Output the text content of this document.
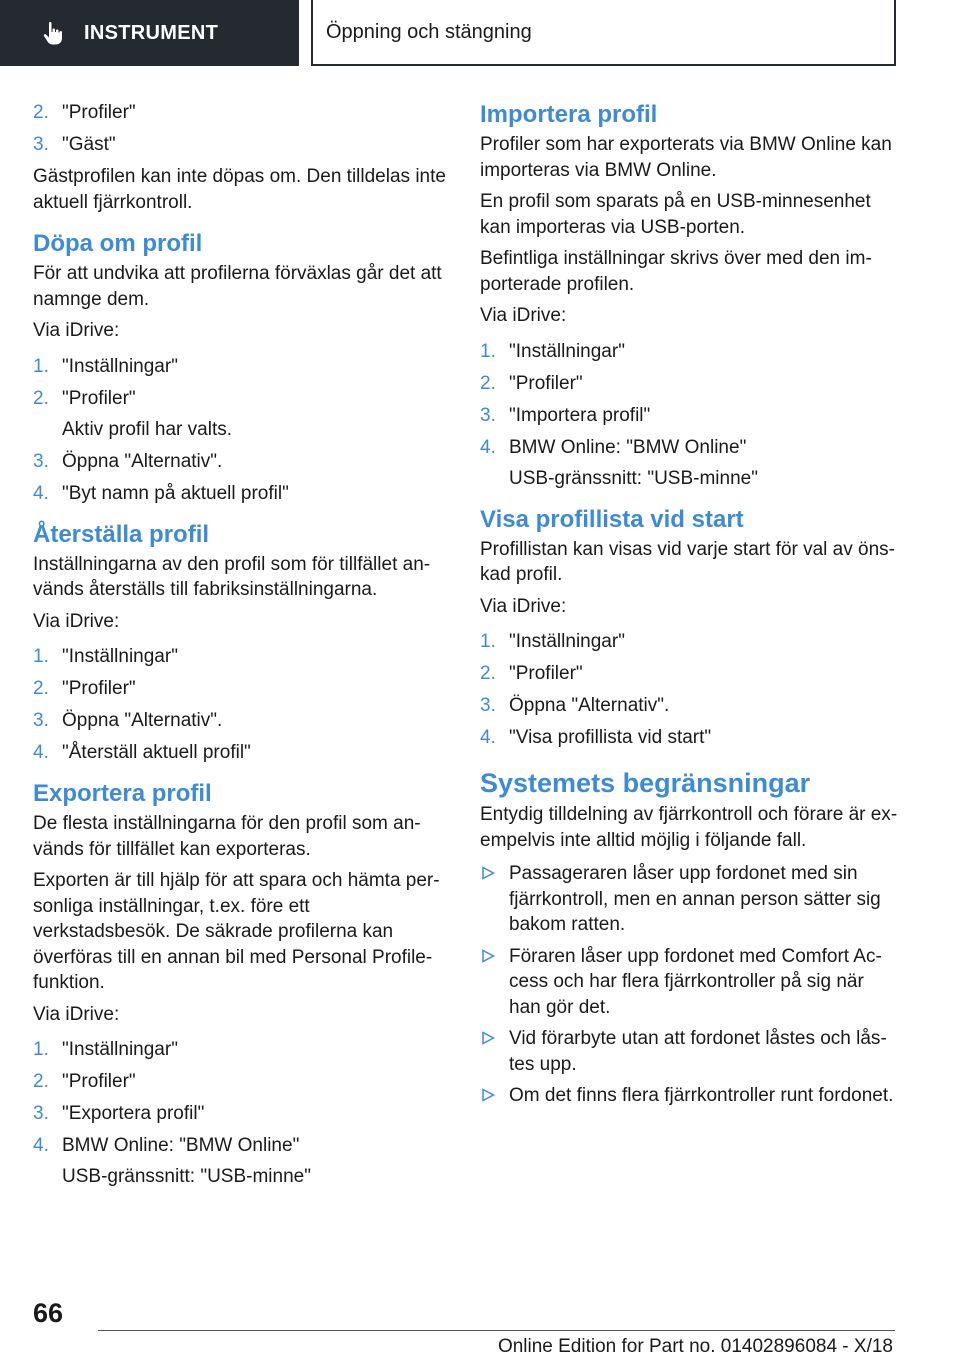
INSTRUMENT	Öppning och stängning
2. "Profiler"
3. "Gäst"

Gästprofilen kan inte döpas om. Den tilldelas inte aktuell fjärrkontroll.

Döpa om profil

För att undvika att profilerna förväxlas går det att namnge dem.

Via iDrive:

1. "Inställningar"
2. "Profiler"
Aktiv profil har valts.
3. Öppna "Alternativ".
4. "Byt namn på aktuell profil"
Återställa profil

Inställningarna av den profil som för tillfället används återställs till fabriksinställningarna.

Via iDrive:

1. "Inställningar"
2. "Profiler"
3. Öppna "Alternativ".
4. "Återställ aktuell profil"
Exportera profil

De flesta inställningarna för den profil som används för tillfället kan exporteras.

Exporten är till hjälp för att spara och hämta personliga inställningar, t.ex. före ett verkstadsbesök. De säkrade profilerna kan överföras till en annan bil med Personal Profile-funktion.

Via iDrive:

1. "Inställningar"
2. "Profiler"
3. "Exportera profil"
4. BMW Online: "BMW Online"
USB-gränssnitt: "USB-minne"
Importera profil

Profiler som har exporterats via BMW Online kan importeras via BMW Online.

En profil som sparats på en USB-minnesenhet kan importeras via USB-porten.

Befintliga inställningar skrivs över med den importerade profilen.

Via iDrive:

1. "Inställningar"
2. "Profiler"
3. "Importera profil"
4. BMW Online: "BMW Online"
USB-gränssnitt: "USB-minne"
Visa profillista vid start

Profillistan kan visas vid varje start för val av önskad profil.

Via iDrive:

1. "Inställningar"
2. "Profiler"
3. Öppna "Alternativ".
4. "Visa profillista vid start"
Systemets begränsningar

Entydig tilldelning av fjärrkontroll och förare är exempelvis inte alltid möjlig i följande fall.

Passageraren låser upp fordonet med sin fjärrkontroll, men en annan person sätter sig bakom ratten.
Föraren låser upp fordonet med Comfort Access och har flera fjärrkontroller på sig när han gör det.
Vid förarbyte utan att fordonet låstes och låstes upp.
Om det finns flera fjärrkontroller runt fordonet.
66
Online Edition for Part no. 01402896084 - X/18
